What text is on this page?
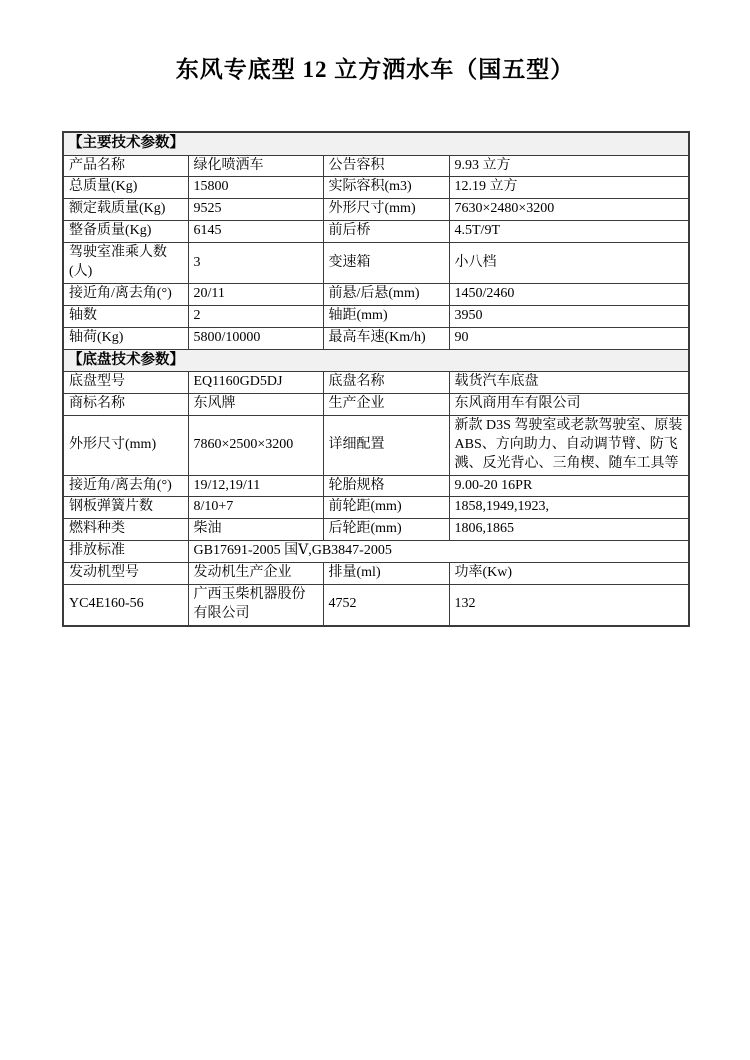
东风专底型 12 立方洒水车（国五型）
【主要技术参数】			
产品名称	绿化喷洒车	公告容积	9.93 立方
总质量(Kg)	15800	实际容积(m3)	12.19 立方
额定载质量(Kg)	9525	外形尺寸(mm)	7630×2480×3200
整备质量(Kg)	6145	前后桥	4.5T/9T
驾驶室准乘人数(人)	3	变速箱	小八档
接近角/离去角(°)	20/11	前悬/后悬(mm)	1450/2460
轴数	2	轴距(mm)	3950
轴荷(Kg)	5800/10000	最高车速(Km/h)	90
【底盘技术参数】			
底盘型号	EQ1160GD5DJ	底盘名称	载货汽车底盘
商标名称	东风牌	生产企业	东风商用车有限公司
外形尺寸(mm)	7860×2500×3200	详细配置	新款 D3S 驾驶室或老款驾驶室、原装 ABS、方向助力、自动调节臂、防飞溅、反光背心、三角楔、随车工具等
接近角/离去角(°)	19/12,19/11	轮胎规格	9.00-20 16PR
钢板弹簧片数	8/10+7	前轮距(mm)	1858,1949,1923,
燃料种类	柴油	后轮距(mm)	1806,1865
排放标准	GB17691-2005 国Ⅴ,GB3847-2005		
发动机型号	发动机生产企业	排量(ml)	功率(Kw)
YC4E160-56	广西玉柴机器股份有限公司	4752	132
